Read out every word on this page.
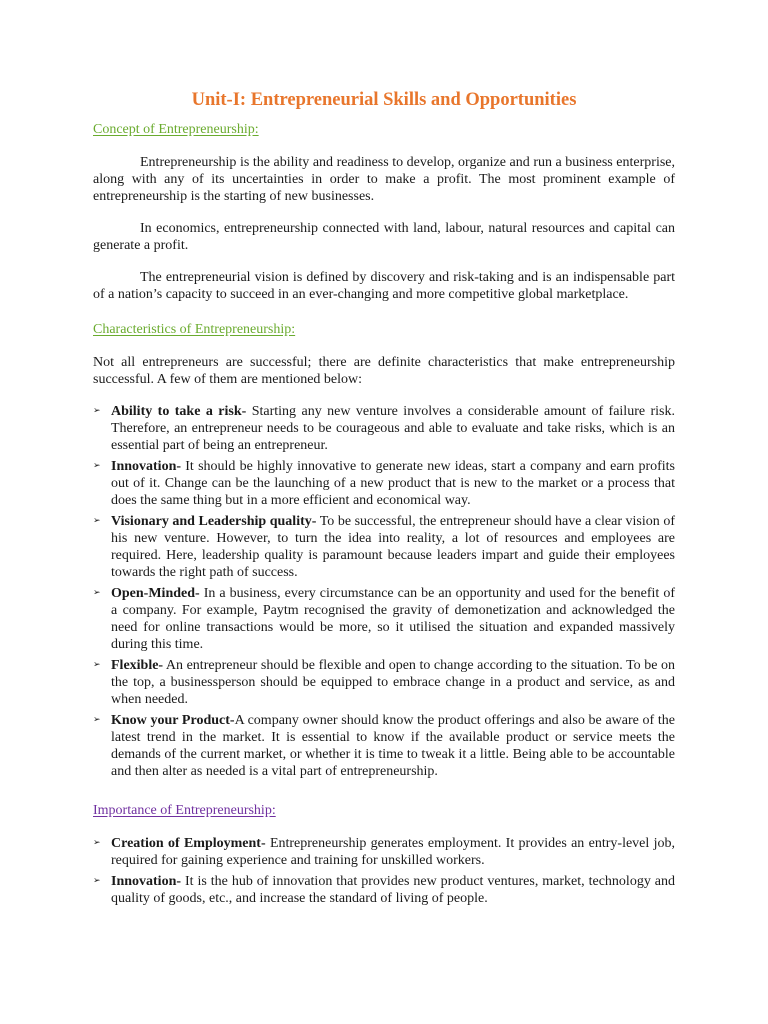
Unit-I: Entrepreneurial Skills and Opportunities
Concept of Entrepreneurship:

Entrepreneurship is the ability and readiness to develop, organize and run a business enterprise, along with any of its uncertainties in order to make a profit. The most prominent example of entrepreneurship is the starting of new businesses.

In economics, entrepreneurship connected with land, labour, natural resources and capital can generate a profit.

The entrepreneurial vision is defined by discovery and risk-taking and is an indispensable part of a nation’s capacity to succeed in an ever-changing and more competitive global marketplace.

Characteristics of Entrepreneurship:

Not all entrepreneurs are successful; there are definite characteristics that make entrepreneurship successful. A few of them are mentioned below:

➢ Ability to take a risk- Starting any new venture involves a considerable amount of failure risk. Therefore, an entrepreneur needs to be courageous and able to evaluate and take risks, which is an essential part of being an entrepreneur.
➢ Innovation- It should be highly innovative to generate new ideas, start a company and earn profits out of it. Change can be the launching of a new product that is new to the market or a process that does the same thing but in a more efficient and economical way.
➢ Visionary and Leadership quality- To be successful, the entrepreneur should have a clear vision of his new venture. However, to turn the idea into reality, a lot of resources and employees are required. Here, leadership quality is paramount because leaders impart and guide their employees towards the right path of success.
➢ Open-Minded- In a business, every circumstance can be an opportunity and used for the benefit of a company. For example, Paytm recognised the gravity of demonetization and acknowledged the need for online transactions would be more, so it utilised the situation and expanded massively during this time.
➢ Flexible- An entrepreneur should be flexible and open to change according to the situation. To be on the top, a businessperson should be equipped to embrace change in a product and service, as and when needed.
➢ Know your Product-A company owner should know the product offerings and also be aware of the latest trend in the market. It is essential to know if the available product or service meets the demands of the current market, or whether it is time to tweak it a little. Being able to be accountable and then alter as needed is a vital part of entrepreneurship.
Importance of Entrepreneurship:
➢ Creation of Employment- Entrepreneurship generates employment. It provides an entry-level job, required for gaining experience and training for unskilled workers.
➢ Innovation- It is the hub of innovation that provides new product ventures, market, technology and quality of goods, etc., and increase the standard of living of people.
